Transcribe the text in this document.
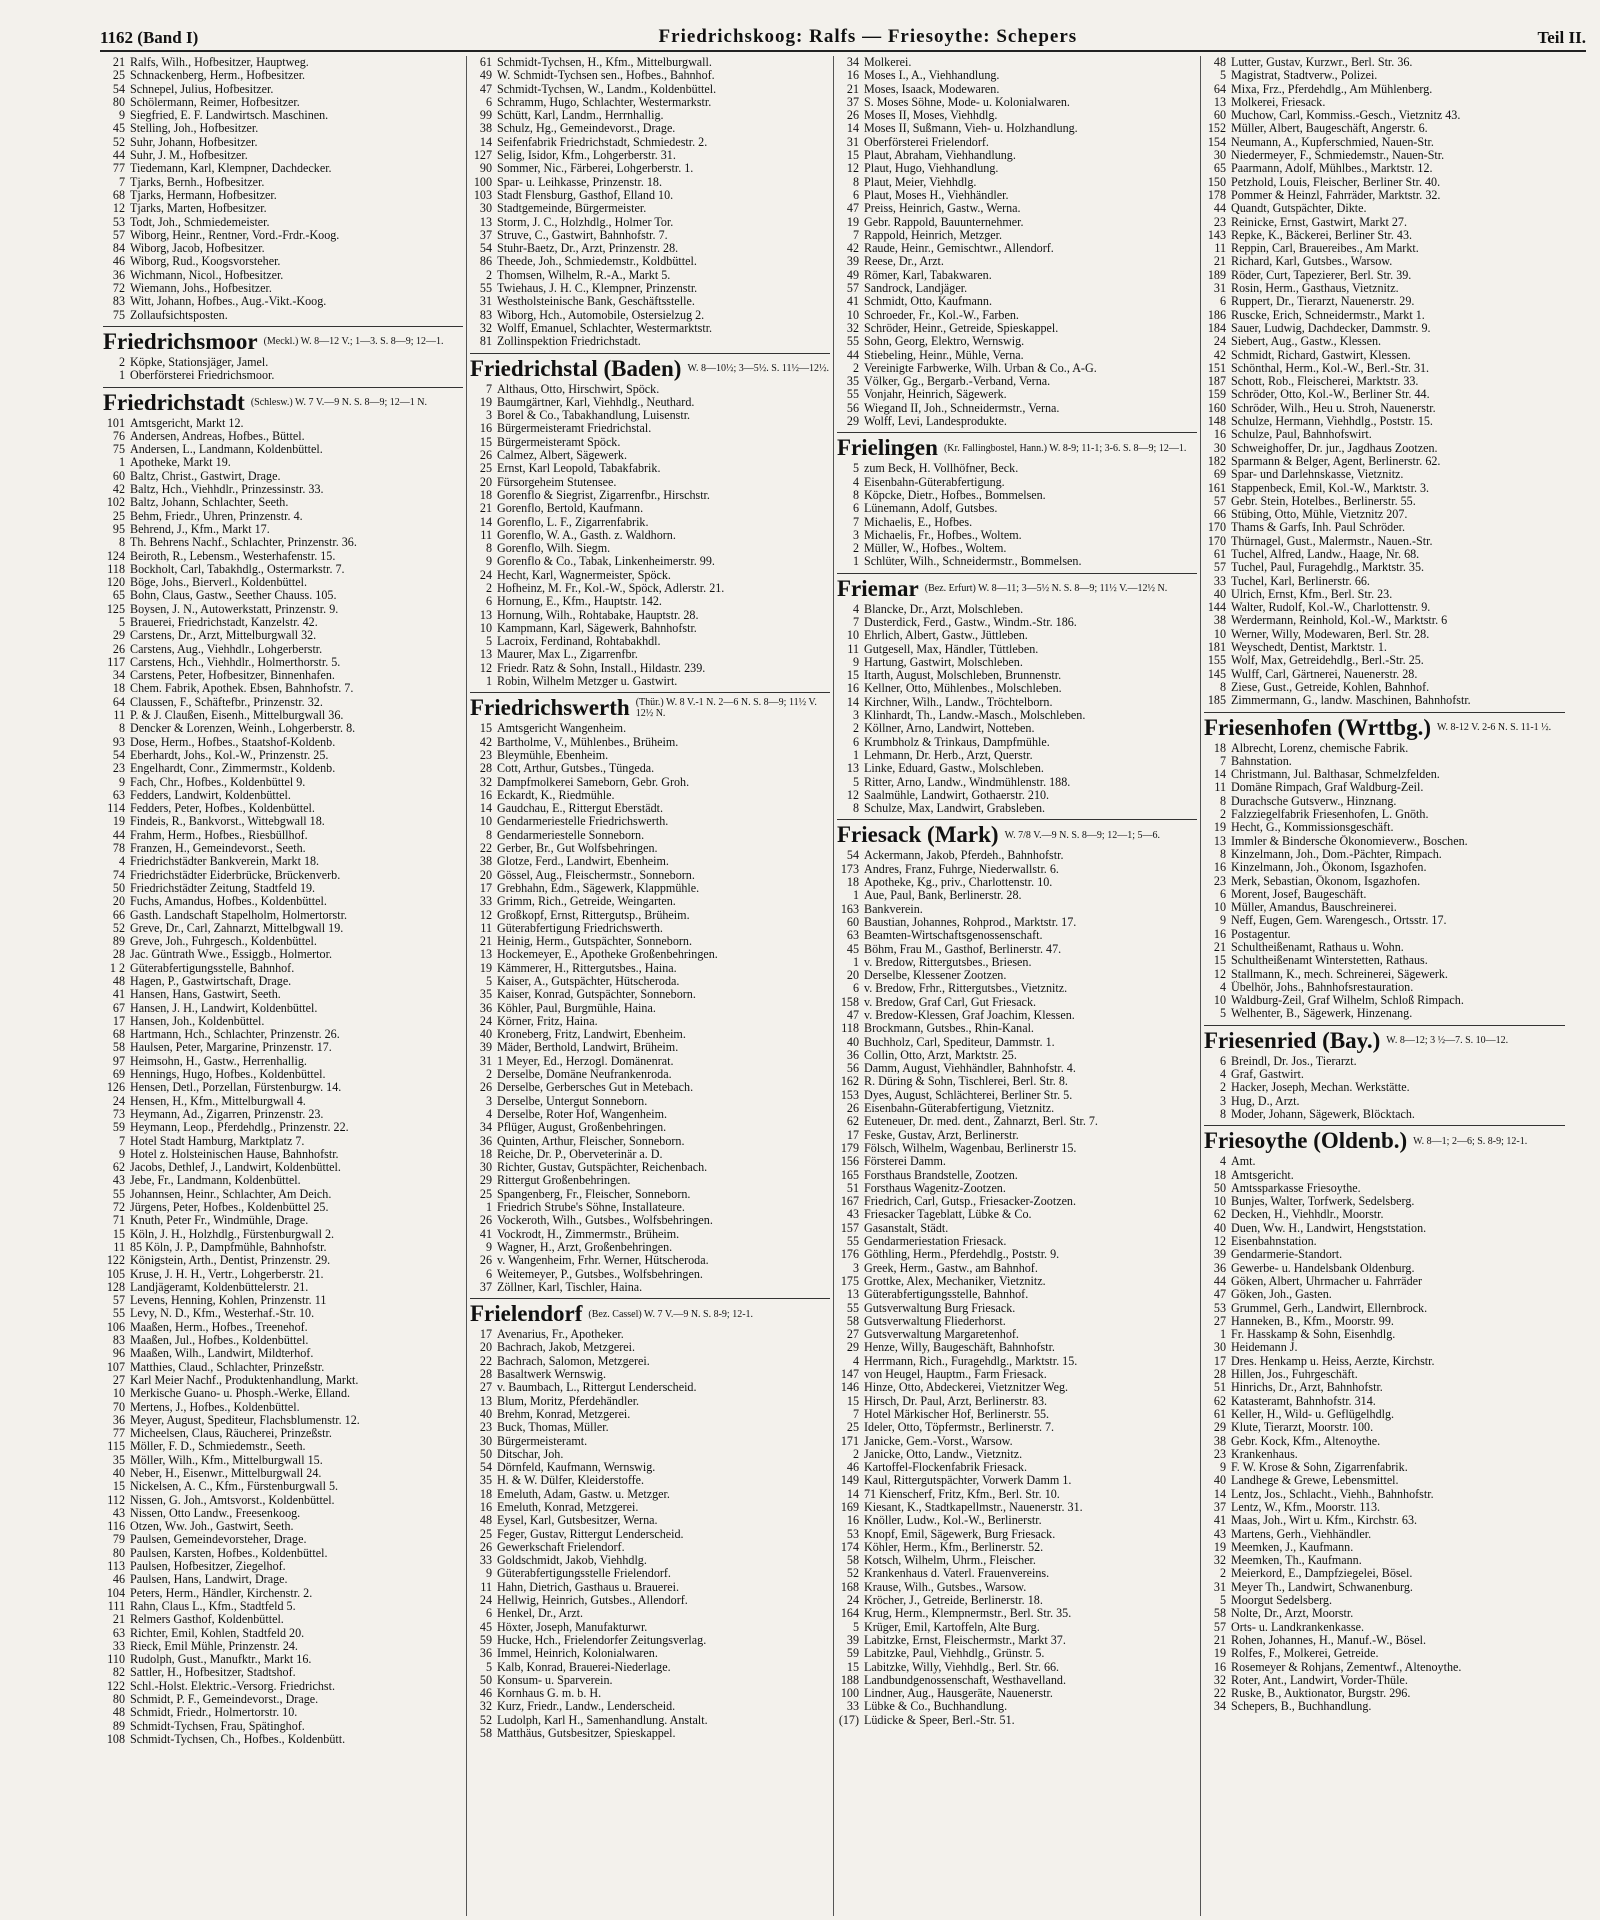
1162 (Band I)	Friedrichskoog: Ralfs — Friesoythe: Schepers	Teil II.
21 Ralfs, Wilh., Hofbesitzer, Hauptweg.
25 Schnackenberg, Herm., Hofbesitzer.
54 Schnepel, Julius, Hofbesitzer.
80 Schölermann, Reimer, Hofbesitzer.
9 Siegfried, E. F. Landwirtsch. Maschinen.
45 Stelling, Joh., Hofbesitzer.
52 Suhr, Johann, Hofbesitzer.
44 Suhr, J. M., Hofbesitzer.
77 Tiedemann, Karl, Klempner, Dachdecker.
7 Tjarks, Bernh., Hofbesitzer.
68 Tjarks, Hermann, Hofbesitzer.
12 Tjarks, Marten, Hofbesitzer.
53 Todt, Joh., Schmiedemeister.
57 Wiborg, Heinr., Rentner, Vord.-Frdr.-Koog.
84 Wiborg, Jacob, Hofbesitzer.
46 Wiborg, Rud., Koogsvorsteher.
36 Wichmann, Nicol., Hofbesitzer.
72 Wiemann, Johs., Hofbesitzer.
83 Witt, Johann, Hofbes., Aug.-Vikt.-Koog.
75 Zollaufsichtsposten.
Friedrichsmoor (Meckl.) W. 8—12 V.; 1—3. S. 8—9; 12—1.
2 Köpke, Stationsjäger, Jamel.
1 Oberförsterei Friedrichsmoor.
Friedrichstadt (Schlesw.) W. 7 V.—9 N. S. 8—9; 12—1 N.
101 Amtsgericht, Markt 12.
76 Andersen, Andreas, Hofbes., Büttel.
75 Andersen, L., Landmann, Koldenbüttel.
1 Apotheke, Markt 19.
60 Baltz, Christ., Gastwirt, Drage.
42 Baltz, Hch., Viehhdlr., Prinzessinstr. 33.
102 Baltz, Johann, Schlachter, Seeth.
25 Behm, Friedr., Uhren, Prinzenstr. 4.
95 Behrend, J., Kfm., Markt 17.
8 Th. Behrens Nachf., Schlachter, Prinzenstr. 36.
124 Beiroth, R., Lebensm., Westerhafenstr. 15.
118 Bockholt, Carl, Tabakhdlg., Ostermarkstr. 7.
120 Böge, Johs., Bierverl., Koldenbüttel.
65 Bohn, Claus, Gastw., Seether Chauss. 105.
125 Boysen, J. N., Autowerkstatt, Prinzenstr. 9.
5 Brauerei, Friedrichstadt, Kanzelstr. 42.
29 Carstens, Dr., Arzt, Mittelburgwall 32.
26 Carstens, Aug., Viehhdlr., Lohgerberstr.
117 Carstens, Hch., Viehhdlr., Holmerthorstr. 5.
34 Carstens, Peter, Hofbesitzer, Binnenhafen.
18 Chem. Fabrik, Apothek. Ebsen, Bahnhofstr. 7.
64 Claussen, F., Schäftefbr., Prinzenstr. 32.
11 P. & J. Claußen, Eisenh., Mittelburgwall 36.
8 Dencker & Lorenzen, Weinh., Lohgerberstr. 8.
93 Dose, Herm., Hofbes., Staatshof-Koldenb.
54 Eberhardt, Johs., Kol.-W., Prinzenstr. 25.
23 Engelhardt, Conr., Zimmermstr., Koldenb.
9 Fach, Chr., Hofbes., Koldenbüttel 9.
63 Fedders, Landwirt, Koldenbüttel.
114 Fedders, Peter, Hofbes., Koldenbüttel.
19 Findeis, R., Bankvorst., Wittebgwall 18.
44 Frahm, Herm., Hofbes., Riesbüllhof.
78 Franzen, H., Gemeindevorst., Seeth.
4 Friedrichstädter Bankverein, Markt 18.
74 Friedrichstädter Eiderbrücke, Brückenverb.
50 Friedrichstädter Zeitung, Stadtfeld 19.
20 Fuchs, Amandus, Hofbes., Koldenbüttel.
66 Gasth. Landschaft Stapelholm, Holmertorstr.
52 Greve, Dr., Carl, Zahnarzt, Mittelbgwall 19.
89 Greve, Joh., Fuhrgesch., Koldenbüttel.
28 Jac. Güntrath Wwe., Essiggb., Holmertor.
1 2 Güterabfertigungsstelle, Bahnhof.
48 Hagen, P., Gastwirtschaft, Drage.
41 Hansen, Hans, Gastwirt, Seeth.
67 Hansen, J. H., Landwirt, Koldenbüttel.
17 Hansen, Joh., Koldenbüttel.
68 Hartmann, Hch., Schlachter, Prinzenstr. 26.
58 Haulsen, Peter, Margarine, Prinzenstr. 17.
97 Heimsohn, H., Gastw., Herrenhallig.
69 Hennings, Hugo, Hofbes., Koldenbüttel.
126 Hensen, Detl., Porzellan, Fürstenburgw. 14.
24 Hensen, H., Kfm., Mittelburgwall 4.
73 Heymann, Ad., Zigarren, Prinzenstr. 23.
59 Heymann, Leop., Pferdehdlg., Prinzenstr. 22.
7 Hotel Stadt Hamburg, Marktplatz 7.
9 Hotel z. Holsteinischen Hause, Bahnhofstr.
62 Jacobs, Dethlef, J., Landwirt, Koldenbüttel.
43 Jebe, Fr., Landmann, Koldenbüttel.
55 Johannsen, Heinr., Schlachter, Am Deich.
72 Jürgens, Peter, Hofbes., Koldenbüttel 25.
71 Knuth, Peter Fr., Windmühle, Drage.
15 Köln, J. H., Holzhdlg., Fürstenburgwall 2.
11 85 Köln, J. P., Dampfmühle, Bahnhofstr.
122 Königstein, Arth., Dentist, Prinzenstr. 29.
105 Kruse, J. H. H., Vertr., Lohgerberstr. 21.
128 Landjägeramt, Koldenbüttelerstr. 21.
57 Levens, Henning, Kohlen, Prinzenstr. 11
55 Levy, N. D., Kfm., Westerhaf.-Str. 10.
106 Maaßen, Herm., Hofbes., Treenehof.
83 Maaßen, Jul., Hofbes., Koldenbüttel.
96 Maaßen, Wilh., Landwirt, Mildterhof.
107 Matthies, Claud., Schlachter, Prinzeßstr.
27 Karl Meier Nachf., Produktenhandlung, Markt.
10 Merkische Guano- u. Phosph.-Werke, Elland.
70 Mertens, J., Hofbes., Koldenbüttel.
36 Meyer, August, Spediteur, Flachsblumenstr. 12.
77 Micheelsen, Claus, Räucherei, Prinzeßstr.
115 Möller, F. D., Schmiedemstr., Seeth.
35 Möller, Wilh., Kfm., Mittelburgwall 15.
40 Neber, H., Eisenwr., Mittelburgwall 24.
15 Nickelsen, A. C., Kfm., Fürstenburgwall 5.
112 Nissen, G. Joh., Amtsvorst., Koldenbüttel.
43 Nissen, Otto Landw., Freesenkoog.
116 Otzen, Ww. Joh., Gastwirt, Seeth.
79 Paulsen, Gemeindevorsteher, Drage.
80 Paulsen, Karsten, Hofbes., Koldenbüttel.
113 Paulsen, Hofbesitzer, Ziegelhof.
46 Paulsen, Hans, Landwirt, Drage.
104 Peters, Herm., Händler, Kirchenstr. 2.
111 Rahn, Claus L., Kfm., Stadtfeld 5.
21 Relmers Gasthof, Koldenbüttel.
63 Richter, Emil, Kohlen, Stadtfeld 20.
33 Rieck, Emil Mühle, Prinzenstr. 24.
110 Rudolph, Gust., Manufktr., Markt 16.
82 Sattler, H., Hofbesitzer, Stadtshof.
122 Schl.-Holst. Elektric.-Versorg. Friedrichst.
80 Schmidt, P. F., Gemeindevorst., Drage.
48 Schmidt, Friedr., Holmertorstr. 10.
89 Schmidt-Tychsen, Frau, Spätinghof.
108 Schmidt-Tychsen, Ch., Hofbes., Koldenbütt.
61 Schmidt-Tychsen, H., Kfm., Mittelburgwall.
49 W. Schmidt-Tychsen sen., Hofbes., Bahnhof.
47 Schmidt-Tychsen, W., Landm., Koldenbüttel.
6 Schramm, Hugo, Schlachter, Westermarkstr.
99 Schütt, Karl, Landm., Herrnhallig.
38 Schulz, Hg., Gemeindevorst., Drage.
14 Seifenfabrik Friedrichstadt, Schmiedestr. 2.
127 Selig, Isidor, Kfm., Lohgerberstr. 31.
90 Sommer, Nic., Färberei, Lohgerberstr. 1.
100 Spar- u. Leihkasse, Prinzenstr. 18.
103 Stadt Flensburg, Gasthof, Elland 10.
30 Stadtgemeinde, Bürgermeister.
13 Storm, J. C., Holzhdlg., Holmer Tor.
37 Struve, C., Gastwirt, Bahnhofstr. 7.
54 Stuhr-Baetz, Dr., Arzt, Prinzenstr. 28.
86 Theede, Joh., Schmiedemstr., Koldbüttel.
2 Thomsen, Wilhelm, R.-A., Markt 5.
55 Twiehaus, J. H. C., Klempner, Prinzenstr.
31 Westholsteinische Bank, Geschäftsstelle.
83 Wiborg, Hch., Automobile, Ostersielzug 2.
32 Wolff, Emanuel, Schlachter, Westermarktstr.
81 Zollinspektion Friedrichstadt.
Friedrichstal (Baden) W. 8—10½; 3—5½. S. 11½—12½.
7 Althaus, Otto, Hirschwirt, Spöck.
19 Baumgärtner, Karl, Viehhdlg., Neuthard.
3 Borel & Co., Tabakhandlung, Luisenstr.
16 Bürgermeisteramt Friedrichstal.
15 Bürgermeisteramt Spöck.
26 Calmez, Albert, Sägewerk.
25 Ernst, Karl Leopold, Tabakfabrik.
20 Fürsorgeheim Stutensee.
18 Gorenflo & Siegrist, Zigarrenfbr., Hirschstr.
21 Gorenflo, Bertold, Kaufmann.
14 Gorenflo, L. F., Zigarrenfabrik.
11 Gorenflo, W. A., Gasth. z. Waldhorn.
8 Gorenflo, Wilh. Siegm.
9 Gorenflo & Co., Tabak, Linkenheimerstr. 99.
24 Hecht, Karl, Wagnermeister, Spöck.
2 Hofheinz, M. Fr., Kol.-W., Spöck, Adlerstr. 21.
6 Hornung, E., Kfm., Hauptstr. 142.
13 Hornung, Wilh., Rohtabake, Hauptstr. 28.
10 Kampmann, Karl, Sägewerk, Bahnhofstr.
5 Lacroix, Ferdinand, Rohtabakhdl.
13 Maurer, Max L., Zigarrenfbr.
12 Friedr. Ratz & Sohn, Install., Hildastr. 239.
1 Robin, Wilhelm Metzger u. Gastwirt.
Friedrichswerth (Thür.) W. 8 V.-1 N. 2—6 N. S. 8—9; 11½ V. 12½ N.
15 Amtsgericht Wangenheim.
42 Bartholme, V., Mühlenbes., Brüheim.
23 Bleymühle, Ebenheim.
28 Cott, Arthur, Gutsbes., Tüngeda.
32 Dampfmolkerei Sameborn, Gebr. Groh.
16 Eckardt, K., Riedmühle.
14 Gaudchau, E., Rittergut Eberstädt.
10 Gendarmeriestelle Friedrichswerth.
8 Gendarmeriestelle Sonneborn.
22 Gerber, Br., Gut Wolfsbehringen.
38 Glotze, Ferd., Landwirt, Ebenheim.
20 Gössel, Aug., Fleischermstr., Sonneborn.
17 Grebhahn, Edm., Sägewerk, Klappmühle.
33 Grimm, Rich., Getreide, Weingarten.
12 Großkopf, Ernst, Rittergutsp., Brüheim.
11 Güterabfertigung Friedrichswerth.
21 Heinig, Herm., Gutspächter, Sonneborn.
13 Hockemeyer, E., Apotheke Großenbehringen.
19 Kämmerer, H., Rittergutsbes., Haina.
5 Kaiser, A., Gutspächter, Hütscheroda.
35 Kaiser, Konrad, Gutspächter, Sonneborn.
36 Köhler, Paul, Burgmühle, Haina.
24 Körner, Fritz, Haina.
40 Kroneberg, Fritz, Landwirt, Ebenheim.
39 Mäder, Berthold, Landwirt, Brüheim.
31 1 Meyer, Ed., Herzogl. Domänenrat.
2 Derselbe, Domäne Neufrankenroda.
26 Derselbe, Gerbersches Gut in Metebach.
3 Derselbe, Untergut Sonneborn.
4 Derselbe, Roter Hof, Wangenheim.
34 Pflüger, August, Großenbehringen.
36 Quinten, Arthur, Fleischer, Sonneborn.
18 Reiche, Dr. P., Oberveterinär a. D.
30 Richter, Gustav, Gutspächter, Reichenbach.
29 Rittergut Großenbehringen.
25 Spangenberg, Fr., Fleischer, Sonneborn.
1 Friedrich Strube's Söhne, Installateure.
26 Vockeroth, Wilh., Gutsbes., Wolfsbehringen.
41 Vockrodt, H., Zimmermstr., Brüheim.
9 Wagner, H., Arzt, Großenbehringen.
26 v. Wangenheim, Frhr. Werner, Hütscheroda.
6 Weitemeyer, P., Gutsbes., Wolfsbehringen.
37 Zöllner, Karl, Tischler, Haina.
Frielendorf (Bez. Cassel) W. 7 V.—9 N. S. 8-9; 12-1.
17 Avenarius, Fr., Apotheker.
20 Bachrach, Jakob, Metzgerei.
22 Bachrach, Salomon, Metzgerei.
28 Basaltwerk Wernswig.
27 v. Baumbach, L., Rittergut Lenderscheid.
13 Blum, Moritz, Pferdehändler.
40 Brehm, Konrad, Metzgerei.
23 Buck, Thomas, Müller.
30 Bürgermeisteramt.
50 Ditschar, Joh.
54 Dörnfeld, Kaufmann, Wernswig.
35 H. & W. Dülfer, Kleiderstoffe.
18 Emeluth, Adam, Gastw. u. Metzger.
16 Emeluth, Konrad, Metzgerei.
48 Eysel, Karl, Gutsbesitzer, Werna.
25 Feger, Gustav, Rittergut Lenderscheid.
26 Gewerkschaft Frielendorf.
33 Goldschmidt, Jakob, Viehhdlg.
9 Güterabfertigungsstelle Frielendorf.
11 Hahn, Dietrich, Gasthaus u. Brauerei.
24 Hellwig, Heinrich, Gutsbes., Allendorf.
6 Henkel, Dr., Arzt.
45 Höxter, Joseph, Manufakturwr.
59 Hucke, Hch., Frielendorfer Zeitungsverlag.
36 Immel, Heinrich, Kolonialwaren.
5 Kalb, Konrad, Brauerei-Niederlage.
50 Konsum- u. Sparverein.
46 Kornhaus G. m. b. H.
32 Kurz, Friedr., Landw., Lenderscheid.
52 Ludolph, Karl H., Samenhandlung. Anstalt.
58 Matthäus, Gutsbesitzer, Spieskappel.
34 Molkerei.
16 Moses I., A., Viehhandlung.
21 Moses, Isaack, Modewaren.
37 S. Moses Söhne, Mode- u. Kolonialwaren.
26 Moses II, Moses, Viehhdlg.
14 Moses II, Sußmann, Vieh- u. Holzhandlung.
31 Oberförsterei Frielendorf.
15 Plaut, Abraham, Viehhandlung.
12 Plaut, Hugo, Viehhandlung.
8 Plaut, Meier, Viehhdlg.
6 Plaut, Moses H., Viehhändler.
47 Preiss, Heinrich, Gastw., Werna.
19 Gebr. Rappold, Bauunternehmer.
7 Rappold, Heinrich, Metzger.
42 Raude, Heinr., Gemischtwr., Allendorf.
39 Reese, Dr., Arzt.
49 Römer, Karl, Tabakwaren.
57 Sandrock, Landjäger.
41 Schmidt, Otto, Kaufmann.
10 Schroeder, Fr., Kol.-W., Farben.
32 Schröder, Heinr., Getreide, Spieskappel.
55 Sohn, Georg, Elektro, Wernswig.
44 Stiebeling, Heinr., Mühle, Verna.
2 Vereinigte Farbwerke, Wilh. Urban & Co., A-G.
35 Völker, Gg., Bergarb.-Verband, Verna.
55 Vonjahr, Heinrich, Sägewerk.
56 Wiegand II, Joh., Schneidermstr., Verna.
29 Wolff, Levi, Landesprodukte.
Frielingen (Kr. Fallingbostel, Hann.) W. 8-9; 11-1; 3-6. S. 8—9; 12—1.
5 zum Beck, H. Vollhöfner, Beck.
4 Eisenbahn-Güterabfertigung.
8 Köpcke, Dietr., Hofbes., Bommelsen.
6 Lünemann, Adolf, Gutsbes.
7 Michaelis, E., Hofbes.
3 Michaelis, Fr., Hofbes., Woltem.
2 Müller, W., Hofbes., Woltem.
1 Schlüter, Wilh., Schneidermstr., Bommelsen.
Friemar (Bez. Erfurt) W. 8—11; 3—5½ N. S. 8—9; 11½ V.—12½ N.
4 Blancke, Dr., Arzt, Molschleben.
7 Dusterdick, Ferd., Gastw., Windm.-Str. 186.
10 Ehrlich, Albert, Gastw., Jüttleben.
11 Gutgesell, Max, Händler, Tüttleben.
9 Hartung, Gastwirt, Molschleben.
15 Itarth, August, Molschleben, Brunnenstr.
16 Kellner, Otto, Mühlenbes., Molschleben.
14 Kirchner, Wilh., Landw., Tröchtelborn.
3 Klinhardt, Th., Landw.-Masch., Molschleben.
2 Köllner, Arno, Landwirt, Notteben.
6 Krumbholz & Trinkaus, Dampfmühle.
1 Lehmann, Dr. Herb., Arzt, Querstr.
13 Linke, Eduard, Gastw., Molschleben.
5 Ritter, Arno, Landw., Windmühlenstr. 188.
12 Saalmühle, Landwirt, Gothaerstr. 210.
8 Schulze, Max, Landwirt, Grabsleben.
Friesack (Mark) W. 7/8 V.—9 N. S. 8—9; 12—1; 5—6.
54 Ackermann, Jakob, Pferdeh., Bahnhofstr.
173 Andres, Franz, Fuhrge, Niederwallstr. 6.
18 Apotheke, Kg., priv., Charlottenstr. 10.
1 Aue, Paul, Bank, Berlinerstr. 28.
163 Bankverein.
60 Baustian, Johannes, Rohprod., Marktstr. 17.
63 Beamten-Wirtschaftsgenossenschaft.
45 Böhm, Frau M., Gasthof, Berlinerstr. 47.
1 v. Bredow, Rittergutsbes., Briesen.
20 Derselbe, Klessener Zootzen.
6 v. Bredow, Frhr., Rittergutsbes., Vietznitz.
158 v. Bredow, Graf Carl, Gut Friesack.
47 v. Bredow-Klessen, Graf Joachim, Klessen.
118 Brockmann, Gutsbes., Rhin-Kanal.
40 Buchholz, Carl, Spediteur, Dammstr. 1.
36 Collin, Otto, Arzt, Marktstr. 25.
56 Damm, August, Viehhändler, Bahnhofstr. 4.
162 R. Düring & Sohn, Tischlerei, Berl. Str. 8.
153 Dyes, August, Schlächterei, Berliner Str. 5.
26 Eisenbahn-Güterabfertigung, Vietznitz.
62 Euteneuer, Dr. med. dent., Zahnarzt, Berl. Str. 7.
17 Feske, Gustav, Arzt, Berlinerstr.
179 Fölsch, Wilhelm, Wagenbau, Berlinerstr 15.
156 Försterei Damm.
165 Forsthaus Brandstelle, Zootzen.
51 Forsthaus Wagenitz-Zootzen.
167 Friedrich, Carl, Gutsp., Friesacker-Zootzen.
43 Friesacker Tageblatt, Lübke & Co.
157 Gasanstalt, Städt.
55 Gendarmeriestation Friesack.
176 Göthling, Herm., Pferdehdlg., Poststr. 9.
3 Greek, Herm., Gastw., am Bahnhof.
175 Grottke, Alex, Mechaniker, Vietznitz.
13 Güterabfertigungsstelle, Bahnhof.
55 Gutsverwaltung Burg Friesack.
58 Gutsverwaltung Fliederhorst.
27 Gutsverwaltung Margaretenhof.
29 Henze, Willy, Baugeschäft, Bahnhofstr.
4 Herrmann, Rich., Furagehdlg., Marktstr. 15.
147 von Heugel, Hauptm., Farm Friesack.
146 Hinze, Otto, Abdeckerei, Vietznitzer Weg.
15 Hirsch, Dr. Paul, Arzt, Berlinerstr. 83.
7 Hotel Märkischer Hof, Berlinerstr. 55.
25 Ideler, Otto, Töpfermstr., Berlinerstr. 7.
171 Janicke, Gem.-Vorst., Warsow.
2 Janicke, Otto, Landw., Vietznitz.
46 Kartoffel-Flockenfabrik Friesack.
149 Kaul, Rittergutspächter, Vorwerk Damm 1.
14 71 Kienscherf, Fritz, Kfm., Berl. Str. 10.
169 Kiesant, K., Stadtkapellmstr., Nauenerstr. 31.
16 Knöller, Ludw., Kol.-W., Berlinerstr.
53 Knopf, Emil, Sägewerk, Burg Friesack.
174 Köhler, Herm., Kfm., Berlinerstr. 52.
58 Kotsch, Wilhelm, Uhrm., Fleischer.
52 Krankenhaus d. Vaterl. Frauenvereins.
168 Krause, Wilh., Gutsbes., Warsow.
24 Kröcher, J., Getreide, Berlinerstr. 18.
164 Krug, Herm., Klempnermstr., Berl. Str. 35.
5 Krüger, Emil, Kartoffeln, Alte Burg.
39 Labitzke, Ernst, Fleischermstr., Markt 37.
59 Labitzke, Paul, Viehhdlg., Grünstr. 5.
15 Labitzke, Willy, Viehhdlg., Berl. Str. 66.
188 Landbundgenossenschaft, Westhavelland.
100 Lindner, Aug., Hausgeräte, Nauenerstr.
33 Lübke & Co., Buchhandlung.
(17) Lüdicke & Speer, Berl.-Str. 51.
48 Lutter, Gustav, Kurzwr., Berl. Str. 36.
5 Magistrat, Stadtverw., Polizei.
64 Mixa, Frz., Pferdehdlg., Am Mühlenberg.
13 Molkerei, Friesack.
60 Muchow, Carl, Kommiss.-Gesch., Vietznitz 43.
152 Müller, Albert, Baugeschäft, Angerstr. 6.
154 Neumann, A., Kupferschmied, Nauen-Str.
30 Niedermeyer, F., Schmiedemstr., Nauen-Str.
65 Paarmann, Adolf, Mühlbes., Marktstr. 12.
150 Petzhold, Louis, Fleischer, Berliner Str. 40.
178 Pommer & Heinzl, Fahrräder, Marktstr. 32.
44 Quandt, Gutspächter, Dikte.
23 Reinicke, Ernst, Gastwirt, Markt 27.
143 Repke, K., Bäckerei, Berliner Str. 43.
11 Reppin, Carl, Brauereibes., Am Markt.
21 Richard, Karl, Gutsbes., Warsow.
189 Röder, Curt, Tapezierer, Berl. Str. 39.
31 Rosin, Herm., Gasthaus, Vietznitz.
6 Ruppert, Dr., Tierarzt, Nauenerstr. 29.
186 Ruscke, Erich, Schneidermstr., Markt 1.
184 Sauer, Ludwig, Dachdecker, Dammstr. 9.
24 Siebert, Aug., Gastw., Klessen.
42 Schmidt, Richard, Gastwirt, Klessen.
151 Schönthal, Herm., Kol.-W., Berl.-Str. 31.
187 Schott, Rob., Fleischerei, Marktstr. 33.
159 Schröder, Otto, Kol.-W., Berliner Str. 44.
160 Schröder, Wilh., Heu u. Stroh, Nauenerstr.
148 Schulze, Hermann, Viehhdlg., Poststr. 15.
16 Schulze, Paul, Bahnhofswirt.
30 Schweighoffer, Dr. jur., Jagdhaus Zootzen.
182 Sparmann & Belger, Agent, Berlinerstr. 62.
69 Spar- und Darlehnskasse, Vietznitz.
161 Stappenbeck, Emil, Kol.-W., Marktstr. 3.
57 Gebr. Stein, Hotelbes., Berlinerstr. 55.
66 Stübing, Otto, Mühle, Vietznitz 207.
170 Thams & Garfs, Inh. Paul Schröder.
170 Thürnagel, Gust., Malermstr., Nauen.-Str.
61 Tuchel, Alfred, Landw., Haage, Nr. 68.
57 Tuchel, Paul, Furagehdlg., Marktstr. 35.
33 Tuchel, Karl, Berlinerstr. 66.
40 Ulrich, Ernst, Kfm., Berl. Str. 23.
144 Walter, Rudolf, Kol.-W., Charlottenstr. 9.
38 Werdermann, Reinhold, Kol.-W., Marktstr. 6
10 Werner, Willy, Modewaren, Berl. Str. 28.
181 Weyschedt, Dentist, Marktstr. 1.
155 Wolf, Max, Getreidehdlg., Berl.-Str. 25.
145 Wulff, Carl, Gärtnerei, Nauenerstr. 28.
8 Ziese, Gust., Getreide, Kohlen, Bahnhof.
185 Zimmermann, G., landw. Maschinen, Bahnhofstr.
Friesenhofen (Wrttbg.) W. 8-12 V. 2-6 N. S. 11-1 ½.
18 Albrecht, Lorenz, chemische Fabrik.
7 Bahnstation.
14 Christmann, Jul. Balthasar, Schmelzfelden.
11 Domäne Rimpach, Graf Waldburg-Zeil.
8 Durachsche Gutsverw., Hinznang.
2 Falzziegelfabrik Friesenhofen, L. Gnöth.
19 Hecht, G., Kommissionsgeschäft.
13 Immler & Bindersche Ökonomieverw., Boschen.
8 Kinzelmann, Joh., Dom.-Pächter, Rimpach.
16 Kinzelmann, Joh., Ökonom, Isgazhofen.
23 Merk, Sebastian, Ökonom, Isgazhofen.
6 Morent, Josef, Baugeschäft.
10 Müller, Amandus, Bauschreinerei.
9 Neff, Eugen, Gem. Warengesch., Ortsstr. 17.
16 Postagentur.
21 Schultheißenamt, Rathaus u. Wohn.
15 Schultheißenamt Winterstetten, Rathaus.
12 Stallmann, K., mech. Schreinerei, Sägewerk.
4 Übelhör, Johs., Bahnhofsrestauration.
10 Waldburg-Zeil, Graf Wilhelm, Schloß Rimpach.
5 Welhenter, B., Sägewerk, Hinzenang.
Friesenried (Bay.) W. 8—12; 3 ½—7. S. 10—12.
6 Breindl, Dr. Jos., Tierarzt.
4 Graf, Gastwirt.
2 Hacker, Joseph, Mechan. Werkstätte.
3 Hug, D., Arzt.
8 Moder, Johann, Sägewerk, Blöcktach.
Friesoythe (Oldenb.) W. 8—1; 2—6; S. 8-9; 12-1.
4 Amt.
18 Amtsgericht.
50 Amtssparkasse Friesoythe.
10 Bunjes, Walter, Torfwerk, Sedelsberg.
62 Decken, H., Viehhdlr., Moorstr.
40 Duen, Ww. H., Landwirt, Hengststation.
12 Eisenbahnstation.
39 Gendarmerie-Standort.
36 Gewerbe- u. Handelsbank Oldenburg.
44 Göken, Albert, Uhrmacher u. Fahrräder
47 Göken, Joh., Gasten.
53 Grummel, Gerh., Landwirt, Ellernbrock.
27 Hanneken, B., Kfm., Moorstr. 99.
1 Fr. Hasskamp & Sohn, Eisenhdlg.
30 Heidemann J.
17 Dres. Henkamp u. Heiss, Aerzte, Kirchstr.
28 Hillen, Jos., Fuhrgeschäft.
51 Hinrichs, Dr., Arzt, Bahnhofstr.
62 Katasteramt, Bahnhofstr. 314.
61 Keller, H., Wild- u. Geflügelhdlg.
29 Klute, Tierarzt, Moorstr. 100.
38 Gebr. Kock, Kfm., Altenoythe.
23 Krankenhaus.
9 F. W. Krose & Sohn, Zigarrenfabrik.
40 Landhege & Grewe, Lebensmittel.
14 Lentz, Jos., Schlacht., Viehh., Bahnhofstr.
37 Lentz, W., Kfm., Moorstr. 113.
41 Maas, Joh., Wirt u. Kfm., Kirchstr. 63.
43 Martens, Gerh., Viehhändler.
19 Meemken, J., Kaufmann.
32 Meemken, Th., Kaufmann.
2 Meierkord, E., Dampfziegelei, Bösel.
31 Meyer Th., Landwirt, Schwanenburg.
5 Moorgut Sedelsberg.
58 Nolte, Dr., Arzt, Moorstr.
57 Orts- u. Landkrankenkasse.
21 Rohen, Johannes, H., Manuf.-W., Bösel.
19 Rolfes, F., Molkerei, Getreide.
16 Rosemeyer & Rohjans, Zementwf., Altenoythe.
32 Roter, Ant., Landwirt, Vorder-Thüle.
22 Ruske, B., Auktionator, Burgstr. 296.
34 Schepers, B., Buchhandlung.
